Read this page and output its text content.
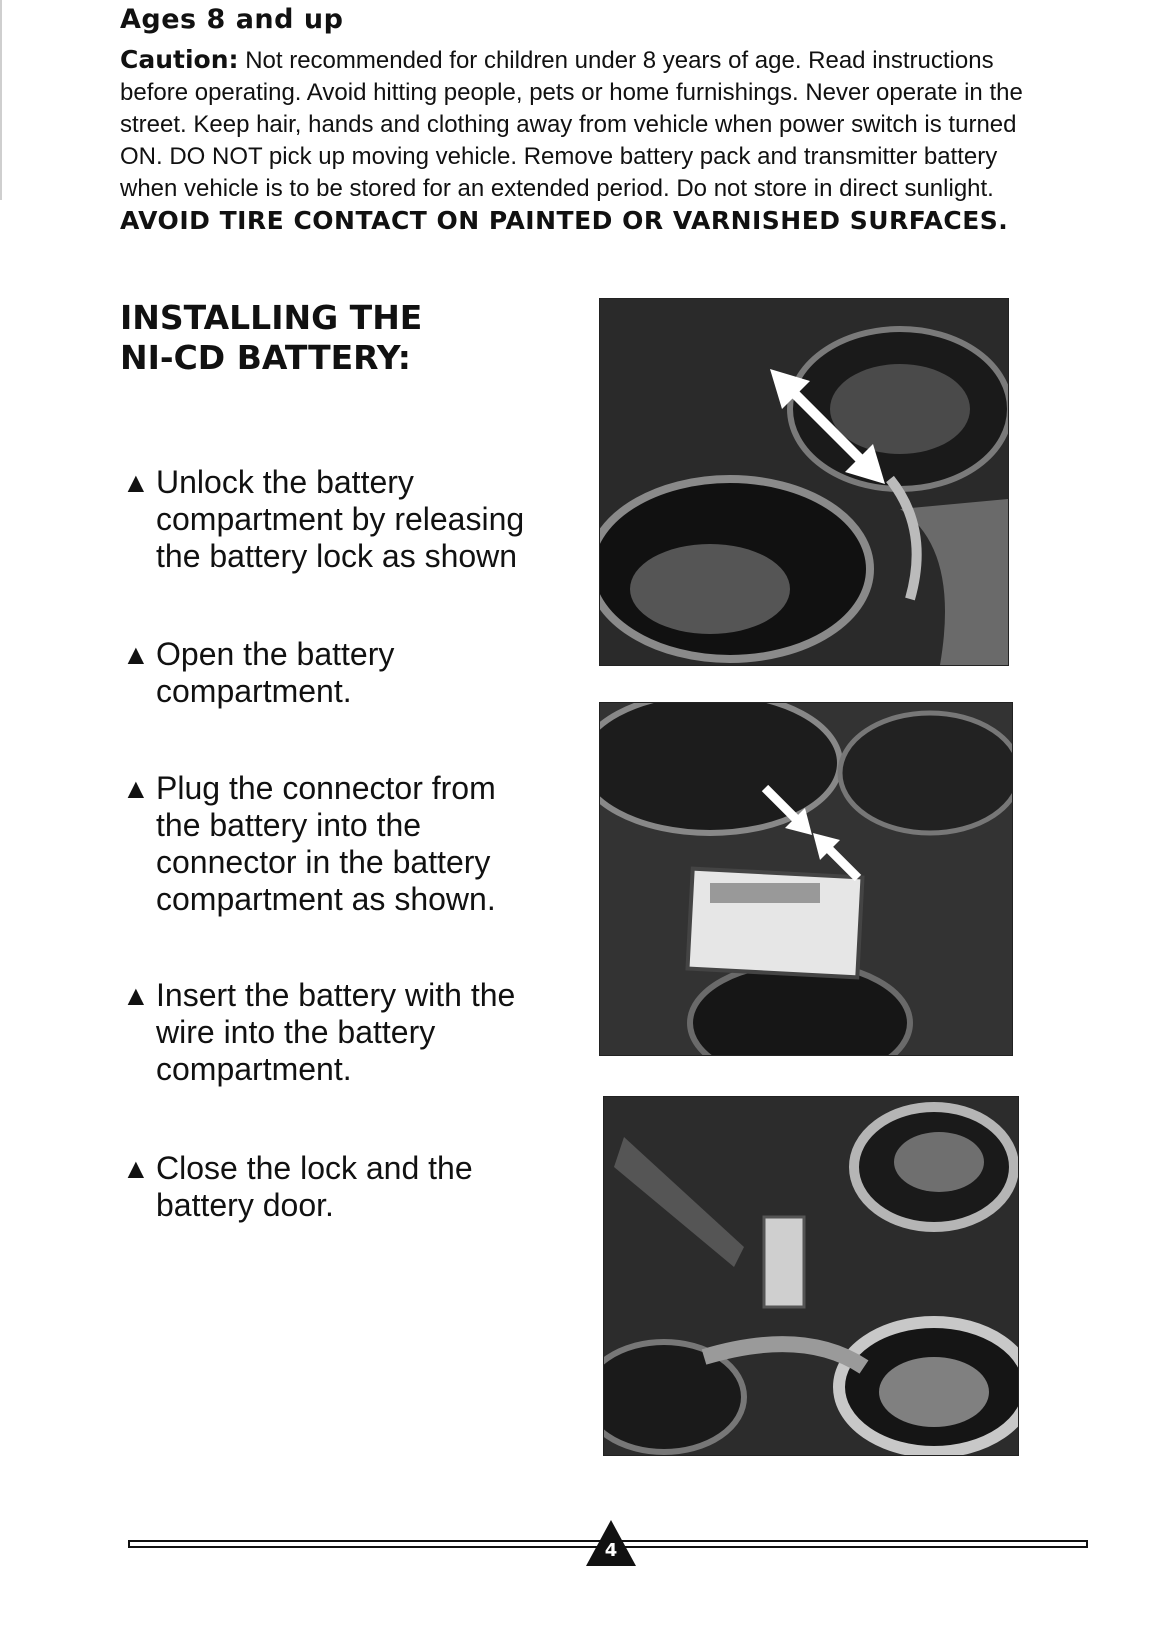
Ages 8 and up
Caution: Not recommended for children under 8 years of age. Read instructions before operating. Avoid hitting people, pets or home furnishings. Never operate in the street. Keep hair, hands and clothing away from vehicle when power switch is turned ON. DO NOT pick up moving vehicle. Remove battery pack and transmitter battery when vehicle is to be stored for an extended period. Do not store in direct sunlight. AVOID TIRE CONTACT ON PAINTED OR VARNISHED SURFACES.
INSTALLING THE
NI-CD BATTERY:
▲ Unlock the battery compartment by releasing the battery lock as shown
▲ Open the battery compartment.
▲ Plug the connector from the battery into the connector in the battery compartment as shown.
▲ Insert the battery with the wire into the battery compartment.
▲ Close the lock and the battery door.
4
